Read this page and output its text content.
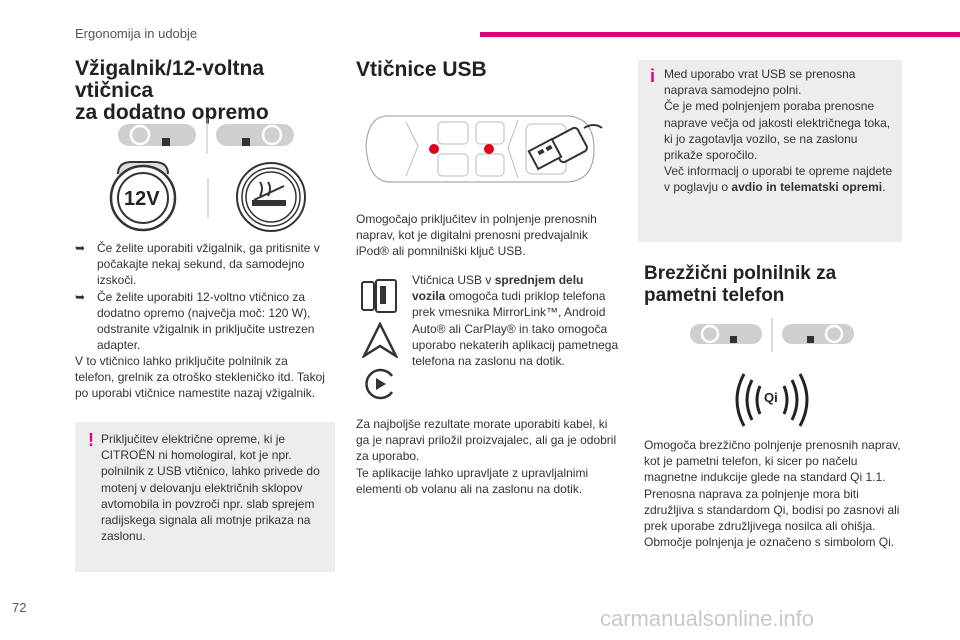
Ergonomija in udobje
Vžigalnik/12-voltna vtičnica
za dodatno opremo
12V
➥ Če želite uporabiti vžigalnik, ga pritisnite v počakajte nekaj sekund, da samodejno izskoči.
➥ Če želite uporabiti 12-voltno vtičnico za dodatno opremo (največja moč: 120 W), odstranite vžigalnik in priključite ustrezen adapter.
V to vtičnico lahko priključite polnilnik za telefon, grelnik za otroško stekleničko itd. Takoj po uporabi vtičnice namestite nazaj vžigalnik.
! Priključitev električne opreme, ki je CITROËN ni homologiral, kot je npr. polnilnik z USB vtičnico, lahko privede do motenj v delovanju električnih sklopov avtomobila in povzroči npr. slab sprejem radijskega signala ali motnje prikaza na zaslonu.
Vtičnice USB
Omogočajo priključitev in polnjenje prenosnih naprav, kot je digitalni prenosni predvajalnik iPod® ali pomnilniški ključ USB.
Vtičnica USB v sprednjem delu vozila omogoča tudi priklop telefona prek vmesnika MirrorLink™, Android Auto® ali CarPlay® in tako omogoča uporabo nekaterih aplikacij pametnega telefona na zaslonu na dotik.
Za najboljše rezultate morate uporabiti kabel, ki ga je napravi priložil proizvajalec, ali ga je odobril za uporabo.
Te aplikacije lahko upravljate z upravljalnimi elementi ob volanu ali na zaslonu na dotik.
i Med uporabo vrat USB se prenosna naprava samodejno polni.
Če je med polnjenjem poraba prenosne naprave večja od jakosti električnega toka, ki jo zagotavlja vozilo, se na zaslonu prikaže sporočilo.
Več informacij o uporabi te opreme najdete v poglavju o avdio in telematski opremi.
Brezžični polnilnik za
pametni telefon
Qi
Omogoča brezžično polnjenje prenosnih naprav, kot je pametni telefon, ki sicer po načelu magnetne indukcije glede na standard Qi 1.1.
Prenosna naprava za polnjenje mora biti združljiva s standardom Qi, bodisi po zasnovi ali prek uporabe združljivega nosilca ali ohišja.
Območje polnjenja je označeno s simbolom Qi.
72	carmanualsonline.info
